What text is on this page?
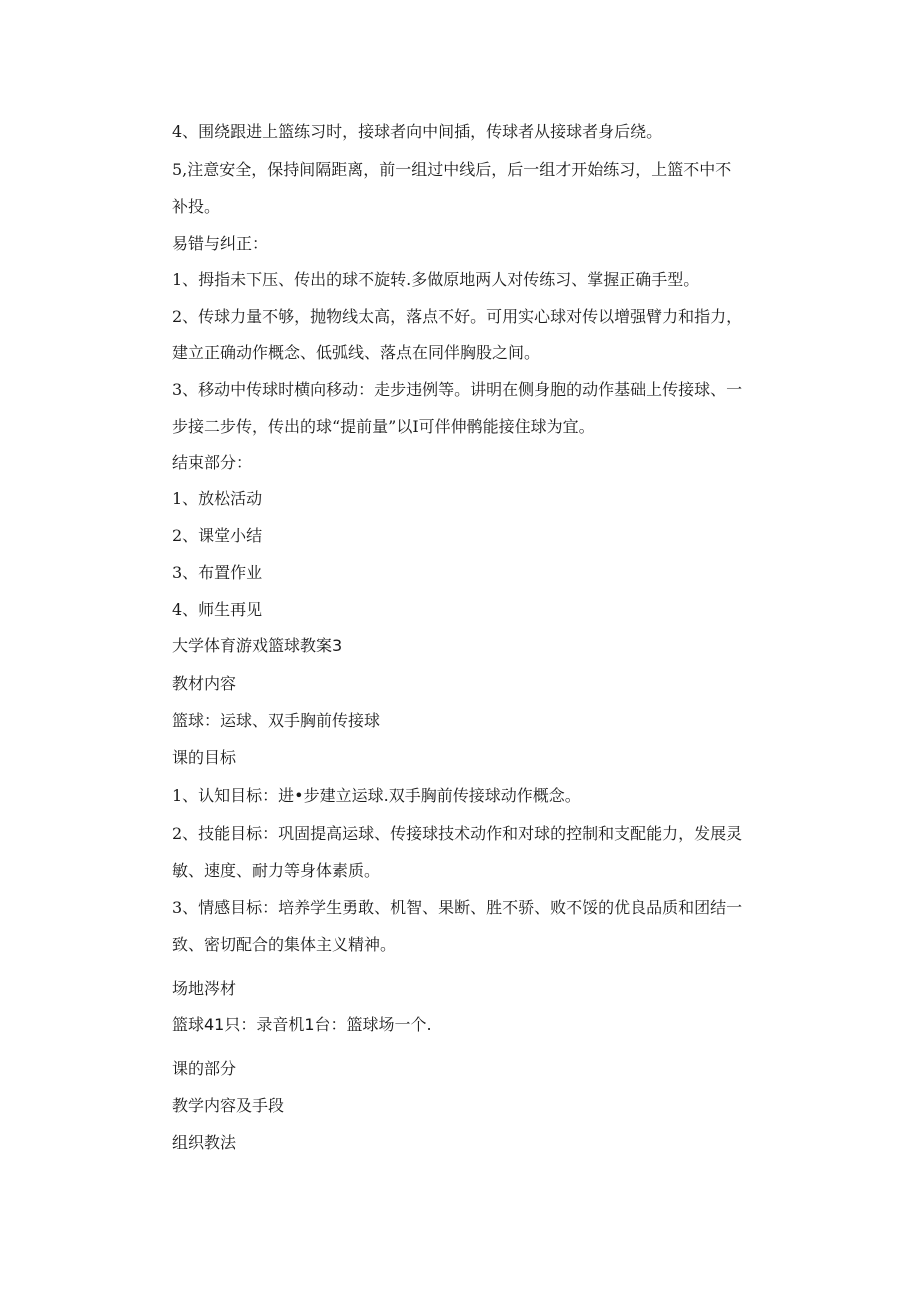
4、围绕跟进上篮练习时，接球者向中间插，传球者从接球者身后绕。
5,注意安全，保持间隔距离，前一组过中线后，后一组才开始练习，上篮不中不
补投。
易错与纠正：
1、拇指未下压、传出的球不旋转.多做原地两人对传练习、掌握正确手型。
2、传球力量不够，抛物线太高，落点不好。可用实心球对传以增强臂力和指力，
建立正确动作概念、低弧线、落点在同伴胸股之间。
3、移动中传球时横向移动：走步违例等。讲明在侧身胞的动作基础上传接球、一
步接二步传，传出的球“提前量”以I可伴伸鹘能接住球为宜。
结束部分：
1、放松活动
2、课堂小结
3、布置作业
4、师生再见
大学体育游戏篮球教案3
教材内容
篮球：运球、双手胸前传接球
课的目标
1、认知目标：进•步建立运球.双手胸前传接球动作概念。
2、技能目标：巩固提高运球、传接球技术动作和对球的控制和支配能力，发展灵
敏、速度、耐力等身体素质。
3、情感目标：培养学生勇敢、机智、果断、胜不骄、败不馁的优良品质和团结一
致、密切配合的集体主义精神。
场地涔材
篮球41只：录音机1台：篮球场一个.
课的部分
教学内容及手段
组织教法
